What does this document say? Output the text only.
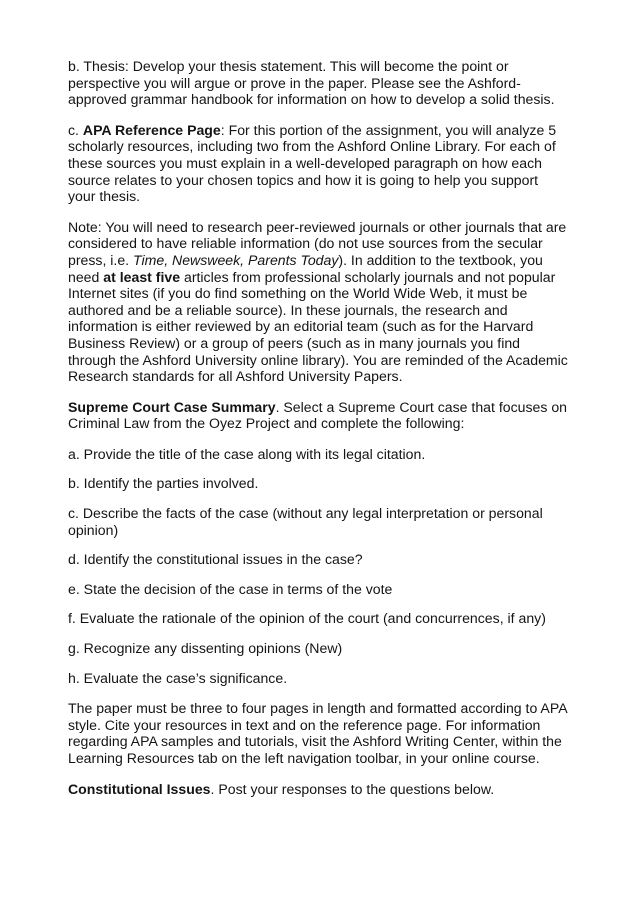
b. Thesis: Develop your thesis statement. This will become the point or perspective you will argue or prove in the paper. Please see the Ashford-approved grammar handbook for information on how to develop a solid thesis.

c. APA Reference Page: For this portion of the assignment, you will analyze 5 scholarly resources, including two from the Ashford Online Library. For each of these sources you must explain in a well-developed paragraph on how each source relates to your chosen topics and how it is going to help you support your thesis.

Note: You will need to research peer-reviewed journals or other journals that are considered to have reliable information (do not use sources from the secular press, i.e. Time, Newsweek, Parents Today). In addition to the textbook, you need at least five articles from professional scholarly journals and not popular Internet sites (if you do find something on the World Wide Web, it must be authored and be a reliable source). In these journals, the research and information is either reviewed by an editorial team (such as for the Harvard Business Review) or a group of peers (such as in many journals you find through the Ashford University online library). You are reminded of the Academic Research standards for all Ashford University Papers.

Supreme Court Case Summary. Select a Supreme Court case that focuses on Criminal Law from the Oyez Project and complete the following:

a. Provide the title of the case along with its legal citation.

b. Identify the parties involved.

c. Describe the facts of the case (without any legal interpretation or personal opinion)

d. Identify the constitutional issues in the case?

e. State the decision of the case in terms of the vote

f. Evaluate the rationale of the opinion of the court (and concurrences, if any)

g. Recognize any dissenting opinions (New)

h. Evaluate the case’s significance.

The paper must be three to four pages in length and formatted according to APA style. Cite your resources in text and on the reference page. For information regarding APA samples and tutorials, visit the Ashford Writing Center, within the Learning Resources tab on the left navigation toolbar, in your online course.

Constitutional Issues. Post your responses to the questions below.
